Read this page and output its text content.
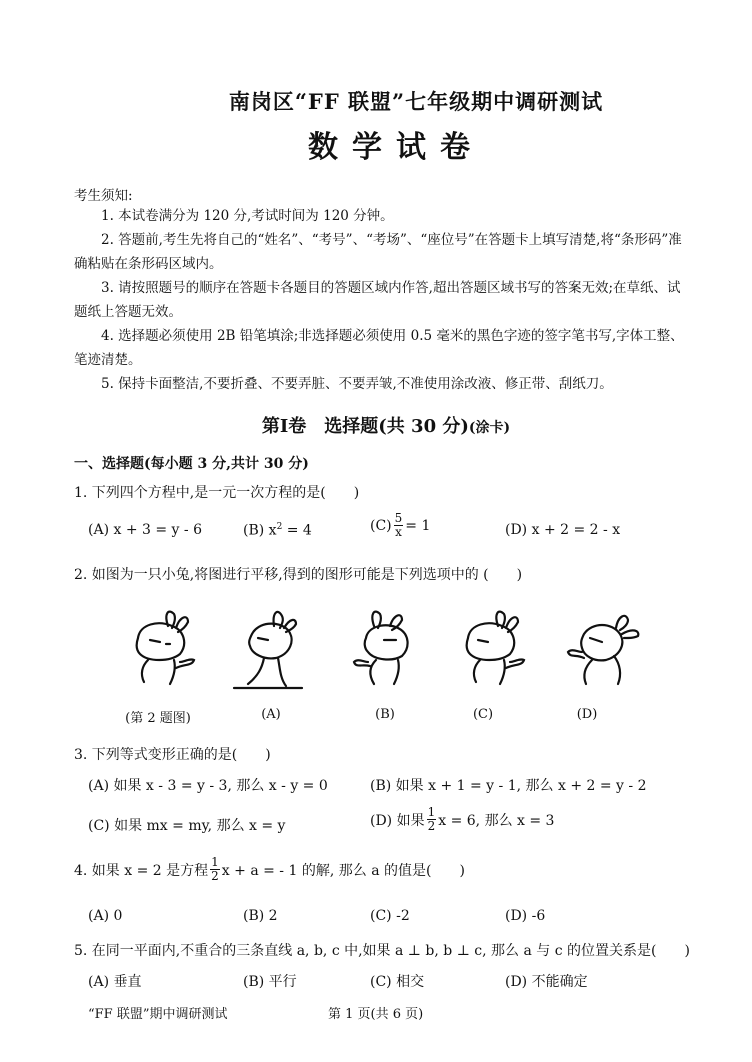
南岗区“FF 联盟”七年级期中调研测试
数学试卷
考生须知:
1. 本试卷满分为 120 分,考试时间为 120 分钟。
2. 答题前,考生先将自己的“姓名”、“考号”、“考场”、“座位号”在答题卡上填写清楚,将“条形码”准确粘贴在条形码区域内。
3. 请按照题号的顺序在答题卡各题目的答题区域内作答,超出答题区域书写的答案无效;在草纸、试题纸上答题无效。
4. 选择题必须使用 2B 铅笔填涂;非选择题必须使用 0.5 毫米的黑色字迹的签字笔书写,字体工整、笔迹清楚。
5. 保持卡面整洁,不要折叠、不要弄脏、不要弄皱,不准使用涂改液、修正带、刮纸刀。
第Ⅰ卷　选择题(共 30 分)(涂卡)
一、选择题(每小题 3 分,共计 30 分)
1. 下列四个方程中,是一元一次方程的是(　　)
(A) x + 3 = y - 6	(B) $x^2 = 4$	$(C) \frac{5}{x} = 1$	(D) x + 2 = 2 - x
2. 如图为一只小兔,将图进行平移,得到的图形可能是下列选项中的 (　　)
(第 2 题图)	(A)	(B)	(C)	(D)
3. 下列等式变形正确的是(　　)
(A) 如果 x - 3 = y - 3, 那么 x - y = 0	(B) 如果 x + 1 = y - 1, 那么 x + 2 = y - 2
(C) 如果 mx = my, 那么 x = y	(D) 如果 $\frac{1}{2}$ x = 6, 那么 x = 3
4. 如果 x = 2 是方程 $\frac{1}{2}$ x + a = - 1 的解, 那么 a 的值是(　　)
(A) 0	(B) 2	(C) -2	(D) -6
5. 在同一平面内,不重合的三条直线 a, b, c 中,如果 a ⊥ b, b ⊥ c, 那么 a 与 c 的位置关系是(　　)
(A) 垂直	(B) 平行	(C) 相交	(D) 不能确定
“FF 联盟”期中调研测试	第 1 页(共 6 页)
